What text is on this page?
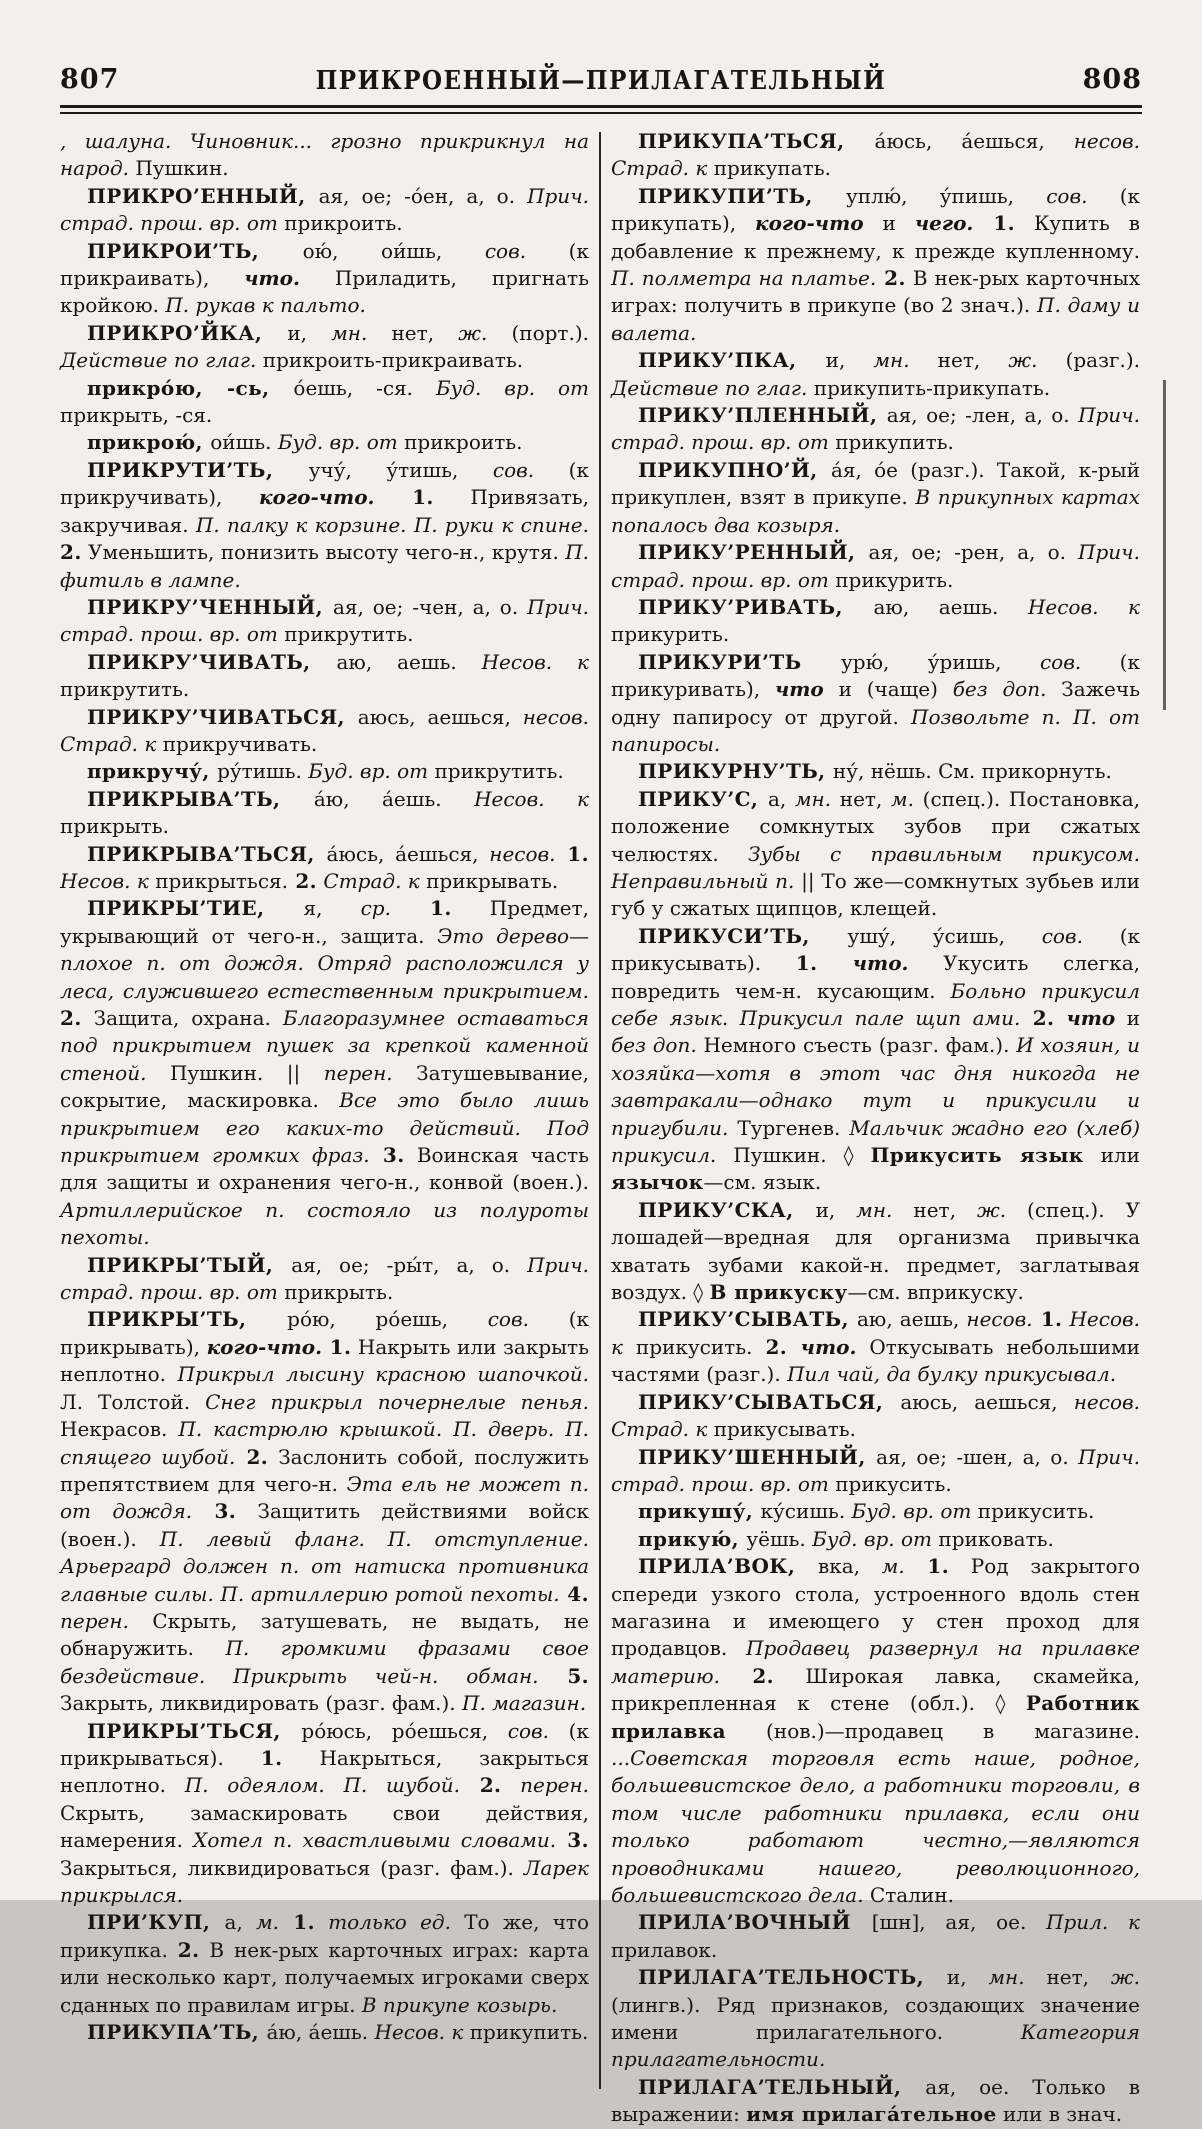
807	ПРИКРОЕННЫЙ—ПРИЛАГАТЕЛЬНЫЙ	808

, шалуна. Чиновник... грозно прикрикнул на народ. Пушкин.

ПРИКРО’ЕННЫЙ, ая, ое; -о́ен, а, о. Прич. страд. прош. вр. от прикроить.

ПРИКРОИ’ТЬ, ою́, ои́шь, сов. (к прикраивать), что. Приладить, пригнать кройкою. П. рукав к пальто.

ПРИКРО’ЙКА, и, мн. нет, ж. (порт.). Действие по глаг. прикроить-прикраивать.

прикро́ю, -сь, о́ешь, -ся. Буд. вр. от прикрыть, -ся.

прикрою́, ои́шь. Буд. вр. от прикроить.

ПРИКРУТИ’ТЬ, учу́, у́тишь, сов. (к прикручивать), кого-что. 1. Привязать, закручивая. П. палку к корзине. П. руки к спине. 2. Уменьшить, понизить высоту чего-н., крутя. П. фитиль в лампе.

ПРИКРУ’ЧЕННЫЙ, ая, ое; -чен, а, о. Прич. страд. прош. вр. от прикрутить.

ПРИКРУ’ЧИВАТЬ, аю, аешь. Несов. к прикрутить.

ПРИКРУ’ЧИВАТЬСЯ, аюсь, аешься, несов. Страд. к прикручивать.

прикручу́, ру́тишь. Буд. вр. от прикрутить.

ПРИКРЫВА’ТЬ, а́ю, а́ешь. Несов. к прикрыть.

ПРИКРЫВА’ТЬСЯ, а́юсь, а́ешься, несов. 1. Несов. к прикрыться. 2. Страд. к прикрывать.

ПРИКРЫ’ТИЕ, я, ср. 1. Предмет, укрывающий от чего-н., защита. Это дерево—плохое п. от дождя. Отряд расположился у леса, служившего естественным прикрытием. 2. Защита, охрана. Благоразумнее оставаться под прикрытием пушек за крепкой каменной стеной. Пушкин. || перен. Затушевывание, сокрытие, маскировка. Все это было лишь прикрытием его каких-то действий. Под прикрытием громких фраз. 3. Воинская часть для защиты и охранения чего-н., конвой (воен.). Артиллерийское п. состояло из полуроты пехоты.

ПРИКРЫ’ТЫЙ, ая, ое; -ры́т, а, о. Прич. страд. прош. вр. от прикрыть.

ПРИКРЫ’ТЬ, ро́ю, ро́ешь, сов. (к прикрывать), кого-что. 1. Накрыть или закрыть неплотно. Прикрыл лысину красною шапочкой. Л. Толстой. Снег прикрыл почернелые пенья. Некрасов. П. кастрюлю крышкой. П. дверь. П. спящего шубой. 2. Заслонить собой, послужить препятствием для чего-н. Эта ель не может п. от дождя. 3. Защитить действиями войск (воен.). П. левый фланг. П. отступление. Арьергард должен п. от натиска противника главные силы. П. артиллерию ротой пехоты. 4. перен. Скрыть, затушевать, не выдать, не обнаружить. П. громкими фразами свое бездействие. Прикрыть чей-н. обман. 5. Закрыть, ликвидировать (разг. фам.). П. магазин.

ПРИКРЫ’ТЬСЯ, ро́юсь, ро́ешься, сов. (к прикрываться). 1. Накрыться, закрыться неплотно. П. одеялом. П. шубой. 2. перен. Скрыть, замаскировать свои действия, намерения. Хотел п. хвастливыми словами. 3. Закрыться, ликвидироваться (разг. фам.). Ларек прикрылся.

ПРИ’КУП, а, м. 1. только ед. То же, что прикупка. 2. В нек-рых карточных играх: карта или несколько карт, получаемых игроками сверх сданных по правилам игры. В прикупе козырь.

ПРИКУПА’ТЬ, а́ю, а́ешь. Несов. к прикупить.

ПРИКУПА’ТЬСЯ, а́юсь, а́ешься, несов. Страд. к прикупать.

ПРИКУПИ’ТЬ, уплю́, у́пишь, сов. (к прикупать), кого-что и чего. 1. Купить в добавление к прежнему, к прежде купленному. П. полметра на платье. 2. В нек-рых карточных играх: получить в прикупе (во 2 знач.). П. даму и валета.

ПРИКУ’ПКА, и, мн. нет, ж. (разг.). Действие по глаг. прикупить-прикупать.

ПРИКУ’ПЛЕННЫЙ, ая, ое; -лен, а, о. Прич. страд. прош. вр. от прикупить.

ПРИКУПНО’Й, а́я, о́е (разг.). Такой, к-рый прикуплен, взят в прикупе. В прикупных картах попалось два козыря.

ПРИКУ’РЕННЫЙ, ая, ое; -рен, а, о. Прич. страд. прош. вр. от прикурить.

ПРИКУ’РИВАТЬ, аю, аешь. Несов. к прикурить.

ПРИКУРИ’ТЬ урю́, у́ришь, сов. (к прикуривать), что и (чаще) без доп. Зажечь одну папиросу от другой. Позвольте п. П. от папиросы.

ПРИКУРНУ’ТЬ, ну́, нёшь. См. прикорнуть.

ПРИКУ’С, а, мн. нет, м. (спец.). Постановка, положение сомкнутых зубов при сжатых челюстях. Зубы с правильным прикусом. Неправильный п. || То же—сомкнутых зубьев или губ у сжатых щипцов, клещей.

ПРИКУСИ’ТЬ, ушу́, у́сишь, сов. (к прикусывать). 1. что. Укусить слегка, повредить чем-н. кусающим. Больно прикусил себе язык. Прикусил пале щип ами. 2. что и без доп. Немного съесть (разг. фам.). И хозяин, и хозяйка—хотя в этот час дня никогда не завтракали—однако тут и прикусили и пригубили. Тургенев. Мальчик жадно его (хлеб) прикусил. Пушкин. ◊ Прикусить язык или язычок—см. язык.

ПРИКУ’СКА, и, мн. нет, ж. (спец.). У лошадей—вредная для организма привычка хватать зубами какой-н. предмет, заглатывая воздух. ◊ В прикуску—см. вприкуску.

ПРИКУ’СЫВАТЬ, аю, аешь, несов. 1. Несов. к прикусить. 2. что. Откусывать небольшими частями (разг.). Пил чай, да булку прикусывал.

ПРИКУ’СЫВАТЬСЯ, аюсь, аешься, несов. Страд. к прикусывать.

ПРИКУ’ШЕННЫЙ, ая, ое; -шен, а, о. Прич. страд. прош. вр. от прикусить.

прикушу́, ку́сишь. Буд. вр. от прикусить.

прикую́, уёшь. Буд. вр. от приковать.

ПРИЛА’ВОК, вка, м. 1. Род закрытого спереди узкого стола, устроенного вдоль стен магазина и имеющего у стен проход для продавцов. Продавец развернул на прилавке материю. 2. Широкая лавка, скамейка, прикрепленная к стене (обл.). ◊ Работник прилавка (нов.)—продавец в магазине. ...Советская торговля есть наше, родное, большевистское дело, а работники торговли, в том числе работники прилавка, если они только работают честно,—являются проводниками нашего, революционного, большевистского дела. Сталин.

ПРИЛА’ВОЧНЫЙ [шн], ая, ое. Прил. к прилавок.

ПРИЛАГА’ТЕЛЬНОСТЬ, и, мн. нет, ж. (лингв.). Ряд признаков, создающих значение имени прилагательного. Категория прилагательности.

ПРИЛАГА’ТЕЛЬНЫЙ, ая, ое. Только в выражении: имя прилага́тельное или в знач.
